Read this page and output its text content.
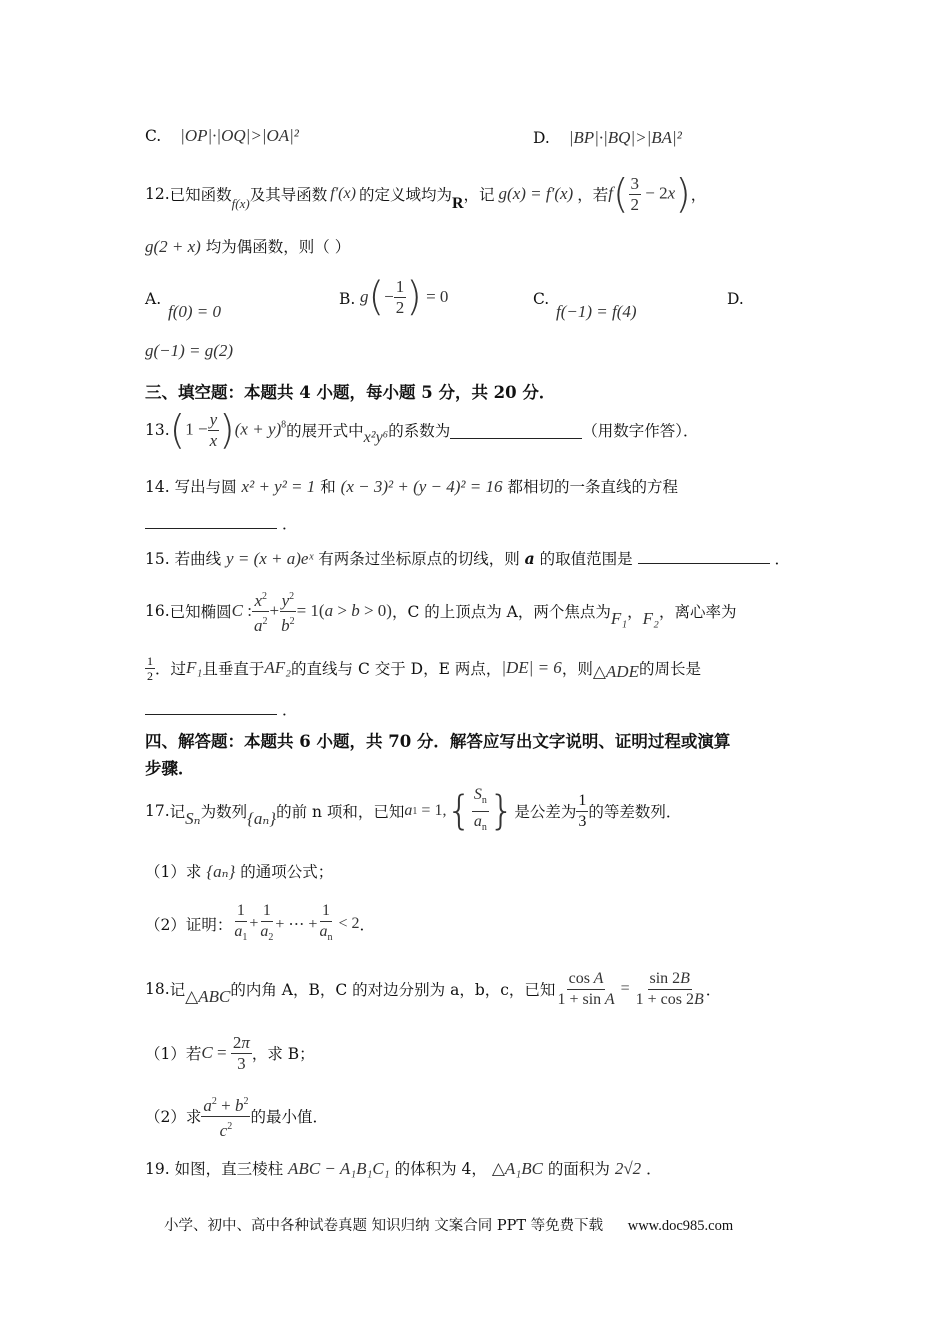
C. |OP|·|OQ|>|OA|²	D. |BP|·|BQ|>|BA|²
12. 已知函数 f(x) 及其导函数 f′(x) 的定义域均为 R ，记 g(x) = f′(x) ，若 $f( \frac{3}{2} - 2x)$ ，
g(2 + x) 均为偶函数，则（ ）
A.
f(0) = 0
B. g ( − $\frac{1}{2}$ ) = 0	C.
f(−1) = f(4)
D.
g(−1) = g(2)
三、填空题：本题共 4 小题，每小题 5 分，共 20 分．
13. $(1 - \frac{y}{x} )(x + y)^8$ 的展开式中 x²y⁶ 的系数为	（用数字作答）．
14. 写出与圆 x² + y² = 1 和 (x − 3)² + (y − 4)² = 16 都相切的一条直线的方程
．
15. 若曲线 y = (x + a)eˣ 有两条过坐标原点的切线，则 a 的取值范围是	．
16. 已知椭圆 C : $\frac{x^2}{a^2} + \frac{y^2}{b^2} = 1$( a > b > 0) ，C 的上顶点为 A，两个焦点为 F₁ ， F₂ ，离心率为
$\frac{1}{2}$ ．过 F₁ 且垂直于 AF₂ 的直线与 C 交于 D，E 两点， |DE| = 6 ，则 △ADE 的周长是
．
四、解答题：本题共 6 小题，共 70 分．解答应写出文字说明、证明过程或演算
步骤．
17. 记 Sₙ 为数列 {aₙ} 的前 n 项和，已知 a 1 = 1, { $\frac{S_n}{a_n}$ } 是公差为 $\frac{1}{3}$ 的等差数列．
（1）求 {aₙ} 的通项公式；
（2）证明： $\frac{1}{a_1} + \frac{1}{a_2}$ + ⋯ + $\frac{1}{a_n} < 2$ ．
18. 记 △ABC 的内角 A，B，C 的对边分别为 a，b，c，已知 $\frac{\text{cos A}}{\text{1 + sin A}} = \frac{\sin 2B}{1 + \cos 2B}$ ．
（1）若 $C = \frac{2\pi}{3}$ ，求 B；
（2）求 $\frac{a^2 + b^2}{c^2}$ 的最小值．
19. 如图，直三棱柱 ABC − A₁B₁C₁ 的体积为 4， △A₁BC 的面积为 2√2 ．
小学、初中、高中各种试卷真题 知识归纳 文案合同 PPT 等免费下载 www.doc985.com
